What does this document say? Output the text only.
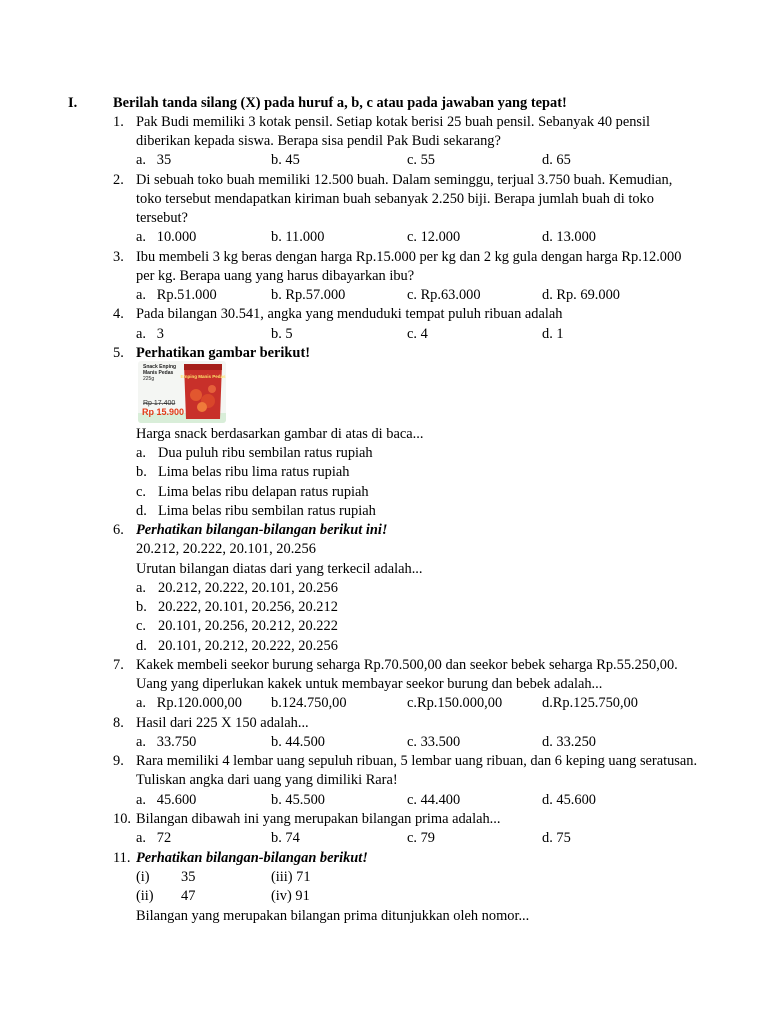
I. Berilah tanda silang (X) pada huruf a, b, c atau pada jawaban yang tepat!
1. Pak Budi memiliki 3 kotak pensil. Setiap kotak berisi 25 buah pensil. Sebanyak 40 pensil
diberikan kepada siswa. Berapa sisa pendil Pak Budi sekarang?
a.   35	b. 45	c. 55	d. 65
2. Di sebuah toko buah memiliki 12.500 buah. Dalam seminggu, terjual 3.750 buah. Kemudian,
toko tersebut mendapatkan kiriman buah sebanyak 2.250 biji. Berapa jumlah buah di toko
tersebut?
a.   10.000	b. 11.000	c. 12.000	d. 13.000
3. Ibu membeli 3 kg beras dengan harga Rp.15.000 per kg dan 2 kg gula dengan harga Rp.12.000
per kg. Berapa uang yang harus dibayarkan ibu?
a.   Rp.51.000	b. Rp.57.000	c. Rp.63.000	d. Rp. 69.000
4. Pada bilangan 30.541, angka yang menduduki tempat puluh ribuan adalah
a.   3	b. 5	c. 4	d. 1
5. Perhatikan gambar berikut!
Snack Enping
Manis Pedas
225g	Emping Manis Pedas
Rp 17.400
Rp 15.900
Harga snack berdasarkan gambar di atas di baca...
a. Dua puluh ribu sembilan ratus rupiah
b. Lima belas ribu lima ratus rupiah
c. Lima belas ribu delapan ratus rupiah
d. Lima belas ribu sembilan ratus rupiah
6. Perhatikan bilangan-bilangan berikut ini!
20.212, 20.222, 20.101, 20.256
Urutan bilangan diatas dari yang terkecil adalah...
a. 20.212, 20.222, 20.101, 20.256
b. 20.222, 20.101, 20.256, 20.212
c. 20.101, 20.256, 20.212, 20.222
d. 20.101, 20.212, 20.222, 20.256
7. Kakek membeli seekor burung seharga Rp.70.500,00 dan seekor bebek seharga Rp.55.250,00.
Uang yang diperlukan kakek untuk membayar seekor burung dan bebek adalah...
a.   Rp.120.000,00 b.124.750,00	c.Rp.150.000,00	d.Rp.125.750,00
8. Hasil dari 225 X 150 adalah...
a.   33.750	b. 44.500	c. 33.500	d. 33.250
9. Rara memiliki 4 lembar uang sepuluh ribuan, 5 lembar uang ribuan, dan 6 keping uang seratusan.
Tuliskan angka dari uang yang dimiliki Rara!
a.   45.600	b. 45.500	c. 44.400	d. 45.600
10. Bilangan dibawah ini yang merupakan bilangan prima adalah...
a.   72	b. 74	c. 79	d. 75
11. Perhatikan bilangan-bilangan berikut!
(i) 35	(iii) 71
(ii) 47	(iv) 91
Bilangan yang merupakan bilangan prima ditunjukkan oleh nomor...
